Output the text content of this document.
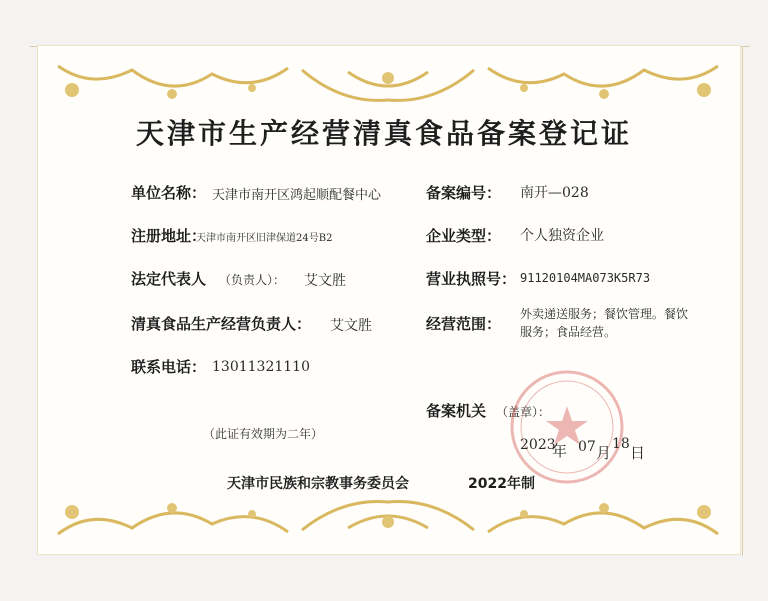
天津市生产经营清真食品备案登记证
单位名称： 天津市南开区鸿起顺配餐中心
注册地址：
天津市南开区旧津保道24号B2
法定代表人 （负责人）： 艾文胜
清真食品生产经营负责人： 艾文胜
联系电话： 13011321110
（此证有效期为二年）
备案编号： 南开—028
企业类型： 个人独资企业
营业执照号： 91120104MA073K5R73
经营范围：
外卖递送服务；餐饮管理。餐饮服务；食品经营。
备案机关 （盖章）：
2023
年 07 月 18 日
天津市民族和宗教事务委员会	2022年制
